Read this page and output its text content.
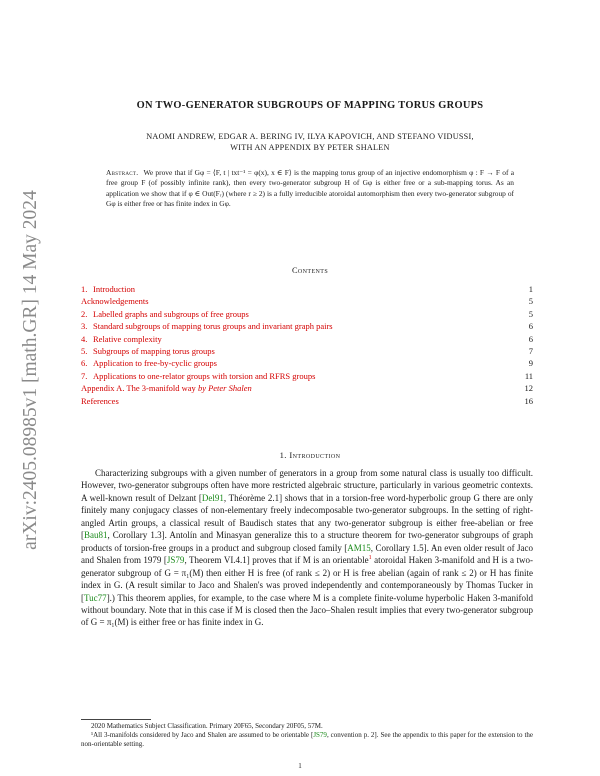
arXiv:2405.08985v1 [math.GR] 14 May 2024
ON TWO-GENERATOR SUBGROUPS OF MAPPING TORUS GROUPS
NAOMI ANDREW, EDGAR A. BERING IV, ILYA KAPOVICH, AND STEFANO VIDUSSI,
WITH AN APPENDIX BY PETER SHALEN
Abstract. We prove that if Gφ = ⟨F, t | txt⁻¹ = φ(x), x ∈ F⟩ is the mapping torus group of an injective endomorphism φ : F → F of a free group F (of possibly infinite rank), then every two-generator subgroup H of Gφ is either free or a sub-mapping torus. As an application we show that if φ ∈ Out(Fᵣ) (where r ≥ 2) is a fully irreducible atoroidal automorphism then every two-generator subgroup of Gφ is either free or has finite index in Gφ.
Contents
1. Introduction	1
Acknowledgements	5
2. Labelled graphs and subgroups of free groups	5
3. Standard subgroups of mapping torus groups and invariant graph pairs	6
4. Relative complexity	6
5. Subgroups of mapping torus groups	7
6. Application to free-by-cyclic groups	9
7. Applications to one-relator groups with torsion and RFRS groups	11
Appendix A. The 3-manifold way by Peter Shalen	12
References	16
1. Introduction

Characterizing subgroups with a given number of generators in a group from some natural class is usually too difficult. However, two-generator subgroups often have more restricted algebraic structure, particularly in various geometric contexts. A well-known result of Delzant [Del91, Théorème 2.1] shows that in a torsion-free word-hyperbolic group G there are only finitely many conjugacy classes of non-elementary freely indecomposable two-generator subgroups. In the setting of right-angled Artin groups, a classical result of Baudisch states that any two-generator subgroup is either free-abelian or free [Bau81, Corollary 1.3]. Antolín and Minasyan generalize this to a structure theorem for two-generator subgroups of graph products of torsion-free groups in a product and subgroup closed family [AM15, Corollary 1.5]. An even older result of Jaco and Shalen from 1979 [JS79, Theorem VI.4.1] proves that if M is an orientable$^1$ atoroidal Haken 3-manifold and H is a two-generator subgroup of G = π₁(M) then either H is free (of rank ≤ 2) or H is free abelian (again of rank ≤ 2) or H has finite index in G. (A result similar to Jaco and Shalen's was proved independently and contemporaneously by Thomas Tucker in [Tuc77].) This theorem applies, for example, to the case where M is a complete finite-volume hyperbolic Haken 3-manifold without boundary. Note that in this case if M is closed then the Jaco–Shalen result implies that every two-generator subgroup of G = π₁(M) is either free or has finite index in G.

2020 Mathematics Subject Classification. Primary 20F65, Secondary 20F05, 57M.

¹All 3-manifolds considered by Jaco and Shalen are assumed to be orientable [JS79, convention p. 2]. See the appendix to this paper for the extension to the non-orientable setting.

1
